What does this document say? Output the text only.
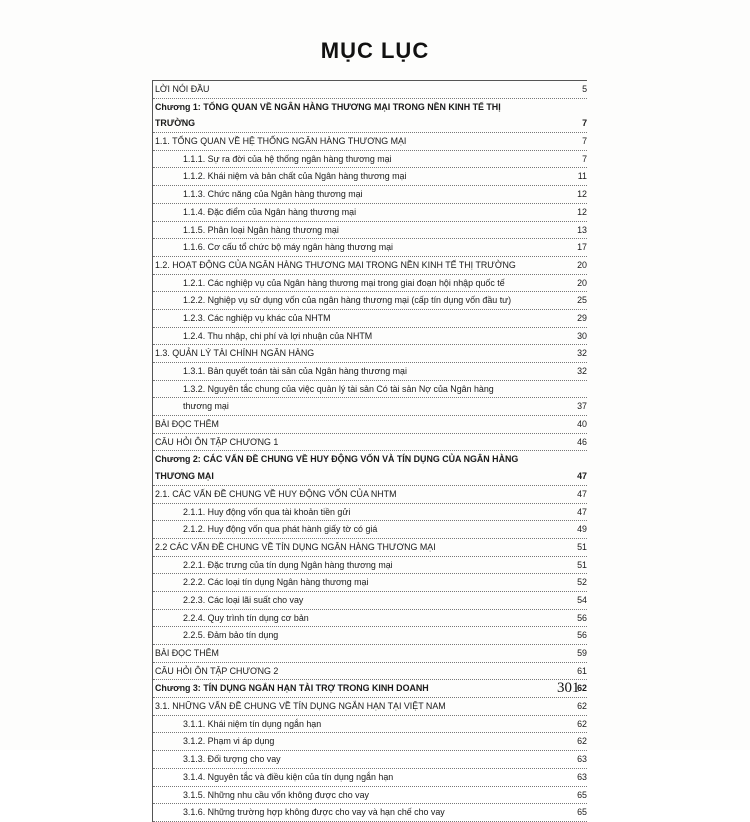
MỤC LỤC
LỜI NÓI ĐẦU	5
Chương 1: TỔNG QUAN VỀ NGÂN HÀNG THƯƠNG MẠI TRONG NỀN KINH TẾ THỊ
TRƯỜNG	7
1.1. TỔNG QUAN VỀ HỆ THỐNG NGÂN HÀNG THƯƠNG MẠI	7
1.1.1. Sự ra đời của hệ thống ngân hàng thương mại	7
1.1.2. Khái niệm và bản chất của Ngân hàng thương mại	11
1.1.3. Chức năng của Ngân hàng thương mại	12
1.1.4. Đặc điểm của Ngân hàng thương mại	12
1.1.5. Phân loại Ngân hàng thương mại	13
1.1.6. Cơ cấu tổ chức bộ máy ngân hàng thương mại	17
1.2. HOẠT ĐỘNG CỦA NGÂN HÀNG THƯƠNG MẠI TRONG NỀN KINH TẾ THỊ TRƯỜNG	20
1.2.1. Các nghiệp vụ của Ngân hàng thương mại trong giai đoạn hội nhập quốc tế	20
1.2.2. Nghiệp vụ sử dụng vốn của ngân hàng thương mại (cấp tín dụng vốn đầu tư)	25
1.2.3. Các nghiệp vụ khác của NHTM	29
1.2.4. Thu nhập, chi phí và lợi nhuận của NHTM	30
1.3. QUẢN LÝ TÀI CHÍNH NGÂN HÀNG	32
1.3.1. Bản quyết toán tài sản của Ngân hàng thương mại	32
1.3.2. Nguyên tắc chung của việc quản lý tài sản Có tài sản Nợ của Ngân hàng
thương mại	37
BÀI ĐỌC THÊM	40
CÂU HỎI ÔN TẬP CHƯƠNG 1	46
Chương 2: CÁC VẤN ĐỀ CHUNG VỀ HUY ĐỘNG VỐN VÀ TÍN DỤNG CỦA NGÂN HÀNG
THƯƠNG MẠI	47
2.1. CÁC VẤN ĐỀ CHUNG VỀ HUY ĐỘNG VỐN CỦA NHTM	47
2.1.1. Huy động vốn qua tài khoản tiền gửi	47
2.1.2. Huy động vốn qua phát hành giấy tờ có giá	49
2.2 CÁC VẤN ĐỀ CHUNG VỀ TÍN DỤNG NGÂN HÀNG THƯƠNG MẠI	51
2.2.1. Đặc trưng của tín dụng Ngân hàng thương mại	51
2.2.2. Các loại tín dụng Ngân hàng thương mại	52
2.2.3. Các loại lãi suất cho vay	54
2.2.4. Quy trình tín dụng cơ bản	56
2.2.5. Đảm bảo tín dụng	56
BÀI ĐỌC THÊM	59
CÂU HỎI ÔN TẬP CHƯƠNG 2	61
Chương 3: TÍN DỤNG NGẮN HẠN TÀI TRỢ TRONG KINH DOANH	62
3.1. NHỮNG VẤN ĐỀ CHUNG VỀ TÍN DỤNG NGẮN HẠN TẠI VIỆT NAM	62
3.1.1. Khái niệm tín dụng ngắn hạn	62
3.1.2. Phạm vi áp dụng	62
3.1.3. Đối tượng cho vay	63
3.1.4. Nguyên tắc và điều kiện của tín dụng ngắn hạn	63
3.1.5. Những nhu cầu vốn không được cho vay	65
3.1.6. Những trường hợp không được cho vay và hạn chế cho vay	65
301
